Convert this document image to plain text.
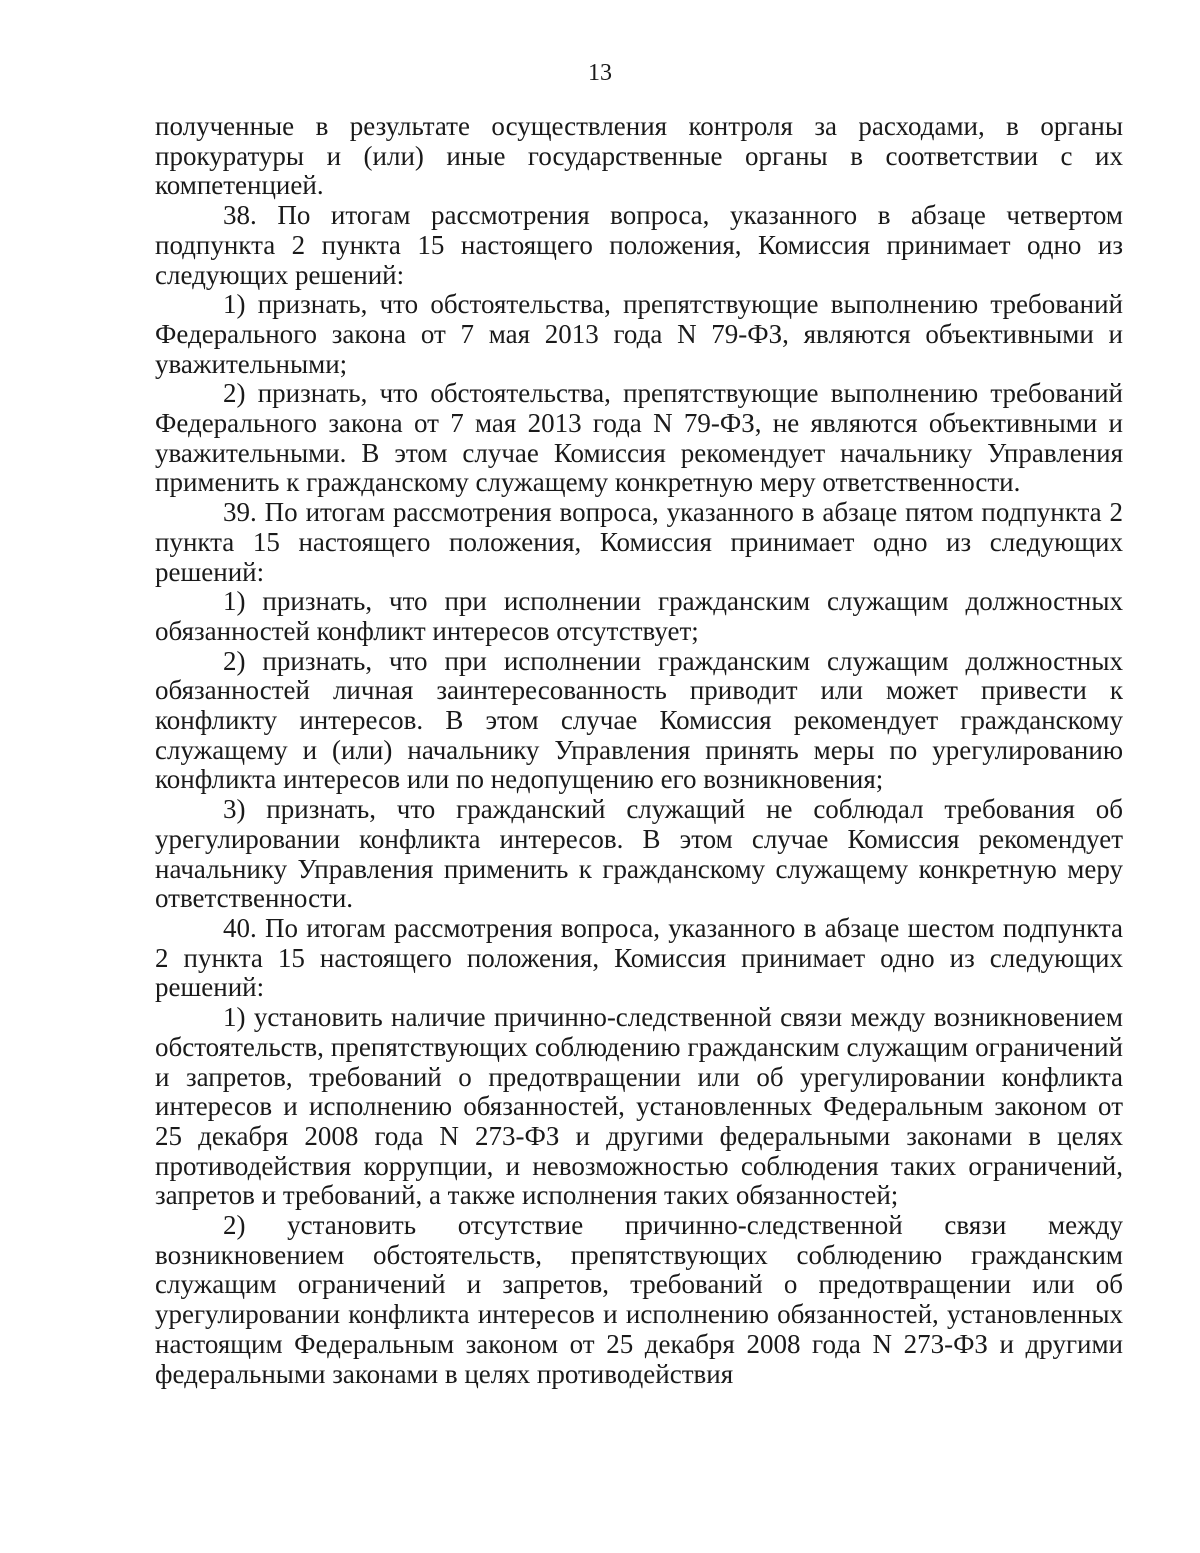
13

полученные в результате осуществления контроля за расходами, в органы прокуратуры и (или) иные государственные органы в соответствии с их компетенцией.

38. По итогам рассмотрения вопроса, указанного в абзаце четвертом подпункта 2 пункта 15 настоящего положения, Комиссия принимает одно из следующих решений:

1) признать, что обстоятельства, препятствующие выполнению требований Федерального закона от 7 мая 2013 года N 79-ФЗ, являются объективными и уважительными;

2) признать, что обстоятельства, препятствующие выполнению требований Федерального закона от 7 мая 2013 года N 79-ФЗ, не являются объективными и уважительными. В этом случае Комиссия рекомендует начальнику Управления применить к гражданскому служащему конкретную меру ответственности.

39. По итогам рассмотрения вопроса, указанного в абзаце пятом подпункта 2 пункта 15 настоящего положения, Комиссия принимает одно из следующих решений:

1) признать, что при исполнении гражданским служащим должностных обязанностей конфликт интересов отсутствует;

2) признать, что при исполнении гражданским служащим должностных обязанностей личная заинтересованность приводит или может привести к конфликту интересов. В этом случае Комиссия рекомендует гражданскому служащему и (или) начальнику Управления принять меры по урегулированию конфликта интересов или по недопущению его возникновения;

3) признать, что гражданский служащий не соблюдал требования об урегулировании конфликта интересов. В этом случае Комиссия рекомендует начальнику Управления применить к гражданскому служащему конкретную меру ответственности.

40. По итогам рассмотрения вопроса, указанного в абзаце шестом подпункта 2 пункта 15 настоящего положения, Комиссия принимает одно из следующих решений:

1) установить наличие причинно-следственной связи между возникновением обстоятельств, препятствующих соблюдению гражданским служащим ограничений и запретов, требований о предотвращении или об урегулировании конфликта интересов и исполнению обязанностей, установленных Федеральным законом от 25 декабря 2008 года N 273-ФЗ и другими федеральными законами в целях противодействия коррупции, и невозможностью соблюдения таких ограничений, запретов и требований, а также исполнения таких обязанностей;

2) установить отсутствие причинно-следственной связи между возникновением обстоятельств, препятствующих соблюдению гражданским служащим ограничений и запретов, требований о предотвращении или об урегулировании конфликта интересов и исполнению обязанностей, установленных настоящим Федеральным законом от 25 декабря 2008 года N 273-ФЗ и другими федеральными законами в целях противодействия
